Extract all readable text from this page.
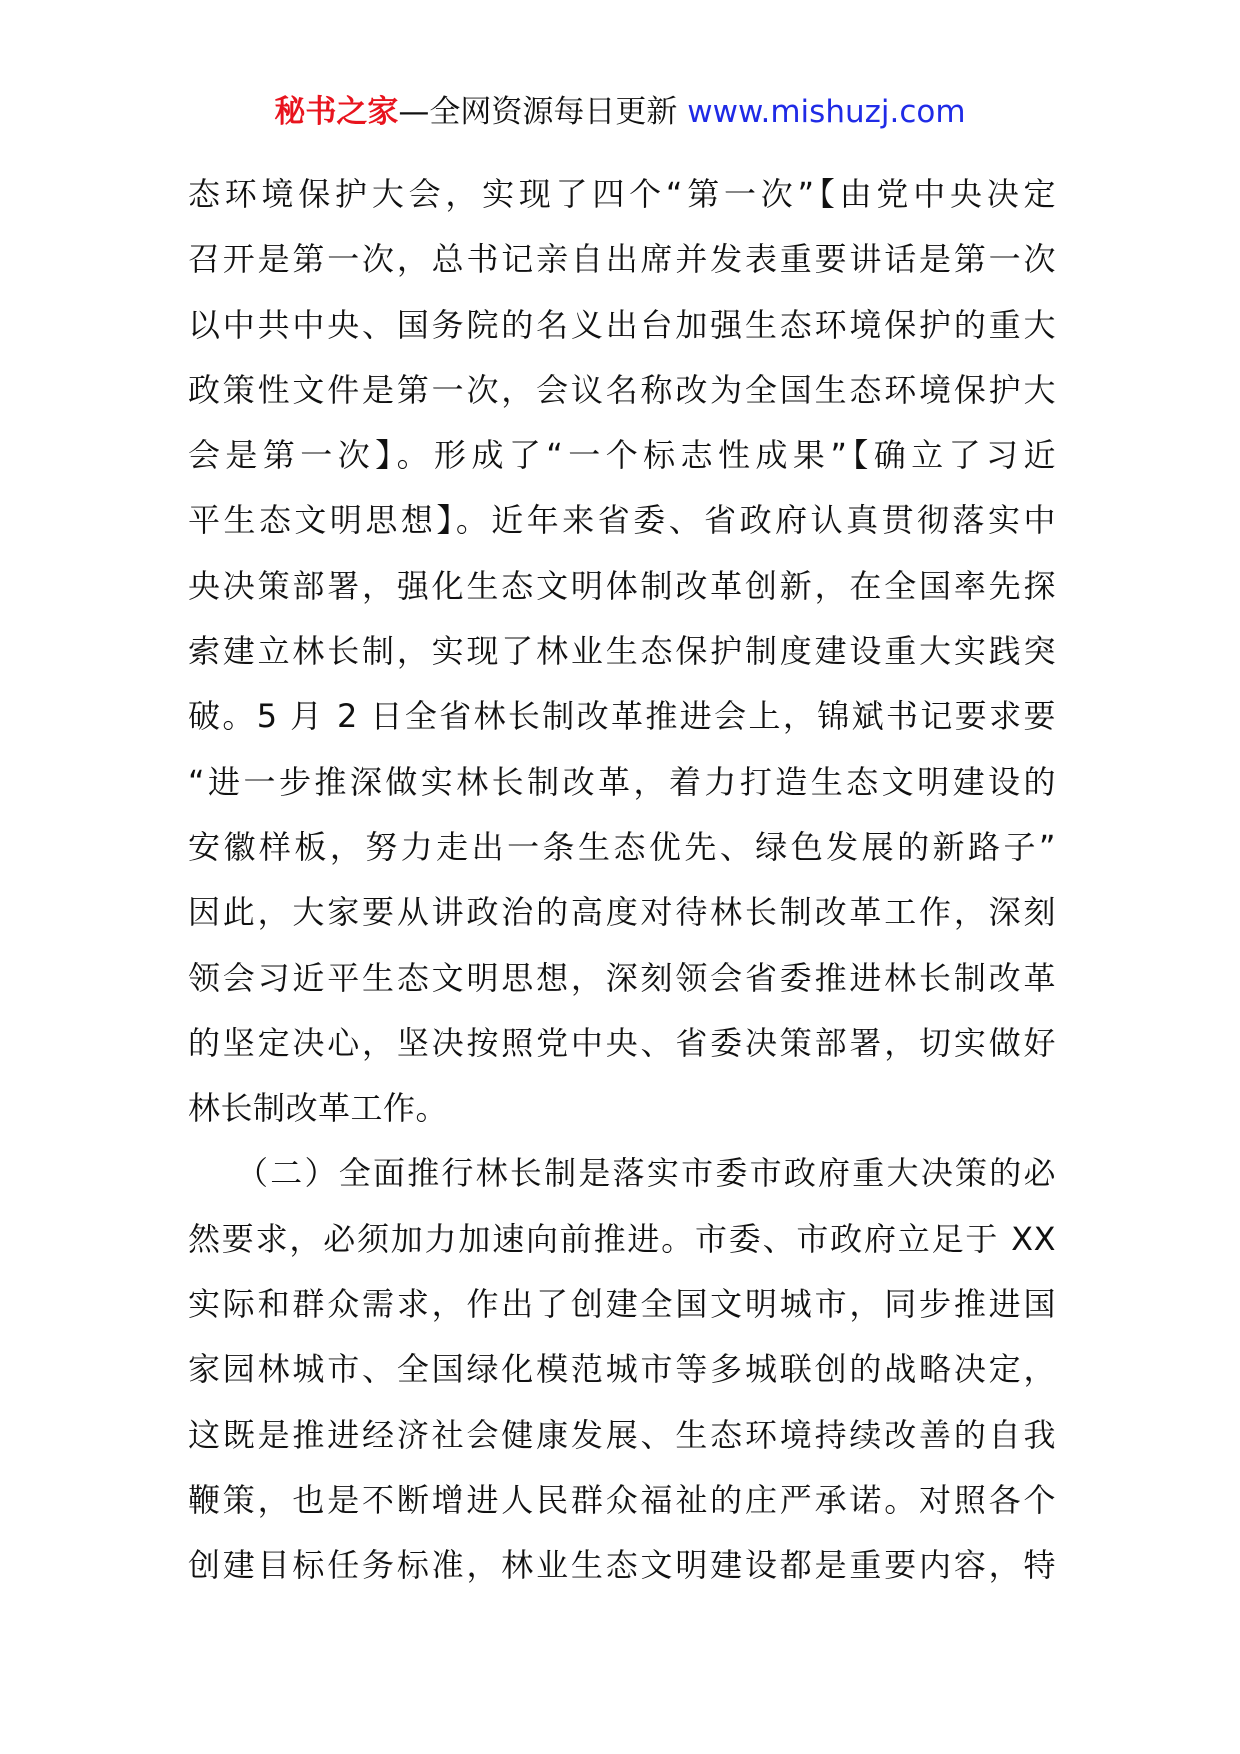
秘书之家—全网资源每日更新 www.mishuzj.com
态环境保护大会，实现了四个“第一次”【由党中央决定
召开是第一次，总书记亲自出席并发表重要讲话是第一次
以中共中央、国务院的名义出台加强生态环境保护的重大
政策性文件是第一次，会议名称改为全国生态环境保护大
会是第一次】。形成了“一个标志性成果”【确立了习近
平生态文明思想】。近年来省委、省政府认真贯彻落实中
央决策部署，强化生态文明体制改革创新，在全国率先探
索建立林长制，实现了林业生态保护制度建设重大实践突
破。5 月 2 日全省林长制改革推进会上，锦斌书记要求要
“进一步推深做实林长制改革，着力打造生态文明建设的
安徽样板，努力走出一条生态优先、绿色发展的新路子”
因此，大家要从讲政治的高度对待林长制改革工作，深刻
领会习近平生态文明思想，深刻领会省委推进林长制改革
的坚定决心，坚决按照党中央、省委决策部署，切实做好
林长制改革工作。
（二）全面推行林长制是落实市委市政府重大决策的必
然要求，必须加力加速向前推进。市委、市政府立足于 XX
实际和群众需求，作出了创建全国文明城市，同步推进国
家园林城市、全国绿化模范城市等多城联创的战略决定，
这既是推进经济社会健康发展、生态环境持续改善的自我
鞭策，也是不断增进人民群众福祉的庄严承诺。对照各个
创建目标任务标准，林业生态文明建设都是重要内容，特
